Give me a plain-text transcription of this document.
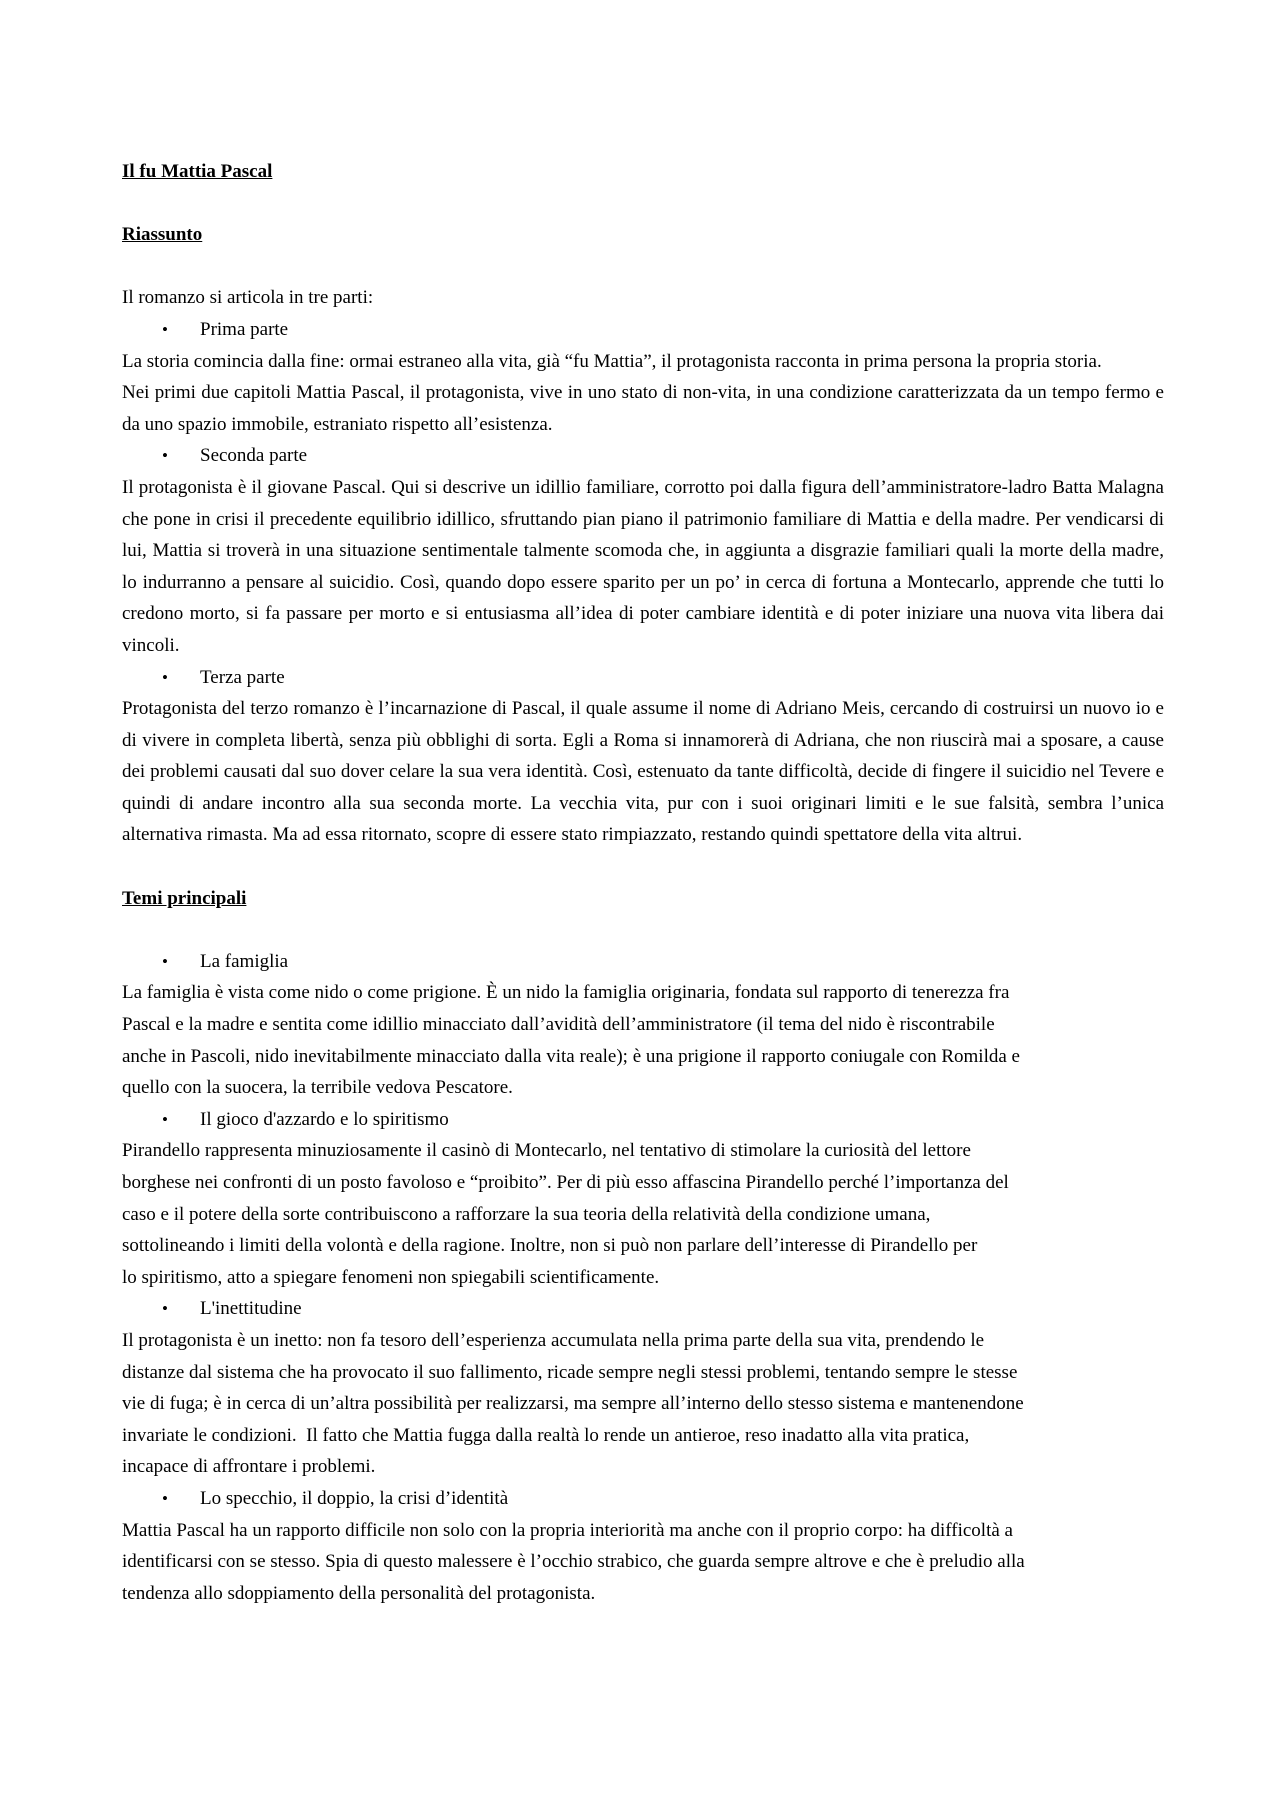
Il fu Mattia Pascal
Riassunto

Il romanzo si articola in tre parti:

•	Prima parte

La storia comincia dalla fine: ormai estraneo alla vita, già “fu Mattia”, il protagonista racconta in prima persona la propria storia.

Nei primi due capitoli Mattia Pascal, il protagonista, vive in uno stato di non-vita, in una condizione caratterizzata da un tempo fermo e da uno spazio immobile, estraniato rispetto all’esistenza.

•	Seconda parte

Il protagonista è il giovane Pascal. Qui si descrive un idillio familiare, corrotto poi dalla figura dell’amministratore-ladro Batta Malagna che pone in crisi il precedente equilibrio idillico, sfruttando pian piano il patrimonio familiare di Mattia e della madre. Per vendicarsi di lui, Mattia si troverà in una situazione sentimentale talmente scomoda che, in aggiunta a disgrazie familiari quali la morte della madre, lo indurranno a pensare al suicidio. Così, quando dopo essere sparito per un po’ in cerca di fortuna a Montecarlo, apprende che tutti lo credono morto, si fa passare per morto e si entusiasma all’idea di poter cambiare identità e di poter iniziare una nuova vita libera dai vincoli.

•	Terza parte

Protagonista del terzo romanzo è l’incarnazione di Pascal, il quale assume il nome di Adriano Meis, cercando di costruirsi un nuovo io e di vivere in completa libertà, senza più obblighi di sorta. Egli a Roma si innamorerà di Adriana, che non riuscirà mai a sposare, a cause dei problemi causati dal suo dover celare la sua vera identità. Così, estenuato da tante difficoltà, decide di fingere il suicidio nel Tevere e quindi di andare incontro alla sua seconda morte. La vecchia vita, pur con i suoi originari limiti e le sue falsità, sembra l’unica alternativa rimasta. Ma ad essa ritornato, scopre di essere stato rimpiazzato, restando quindi spettatore della vita altrui.

Temi principali
•	La famiglia

La famiglia è vista come nido o come prigione. È un nido la famiglia originaria, fondata sul rapporto di tenerezza fra

Pascal e la madre e sentita come idillio minacciato dall’avidità dell’amministratore (il tema del nido è riscontrabile

anche in Pascoli, nido inevitabilmente minacciato dalla vita reale); è una prigione il rapporto coniugale con Romilda e

quello con la suocera, la terribile vedova Pescatore.

•	Il gioco d'azzardo e lo spiritismo

Pirandello rappresenta minuziosamente il casinò di Montecarlo, nel tentativo di stimolare la curiosità del lettore

borghese nei confronti di un posto favoloso e “proibito”. Per di più esso affascina Pirandello perché l’importanza del

caso e il potere della sorte contribuiscono a rafforzare la sua teoria della relatività della condizione umana,

sottolineando i limiti della volontà e della ragione. Inoltre, non si può non parlare dell’interesse di Pirandello per

lo spiritismo, atto a spiegare fenomeni non spiegabili scientificamente.

•	L'inettitudine

Il protagonista è un inetto: non fa tesoro dell’esperienza accumulata nella prima parte della sua vita, prendendo le

distanze dal sistema che ha provocato il suo fallimento, ricade sempre negli stessi problemi, tentando sempre le stesse

vie di fuga; è in cerca di un’altra possibilità per realizzarsi, ma sempre all’interno dello stesso sistema e mantenendone

invariate le condizioni.  Il fatto che Mattia fugga dalla realtà lo rende un antieroe, reso inadatto alla vita pratica,

incapace di affrontare i problemi.

•	Lo specchio, il doppio, la crisi d’identità

Mattia Pascal ha un rapporto difficile non solo con la propria interiorità ma anche con il proprio corpo: ha difficoltà a

identificarsi con se stesso. Spia di questo malessere è l’occhio strabico, che guarda sempre altrove e che è preludio alla

tendenza allo sdoppiamento della personalità del protagonista.
